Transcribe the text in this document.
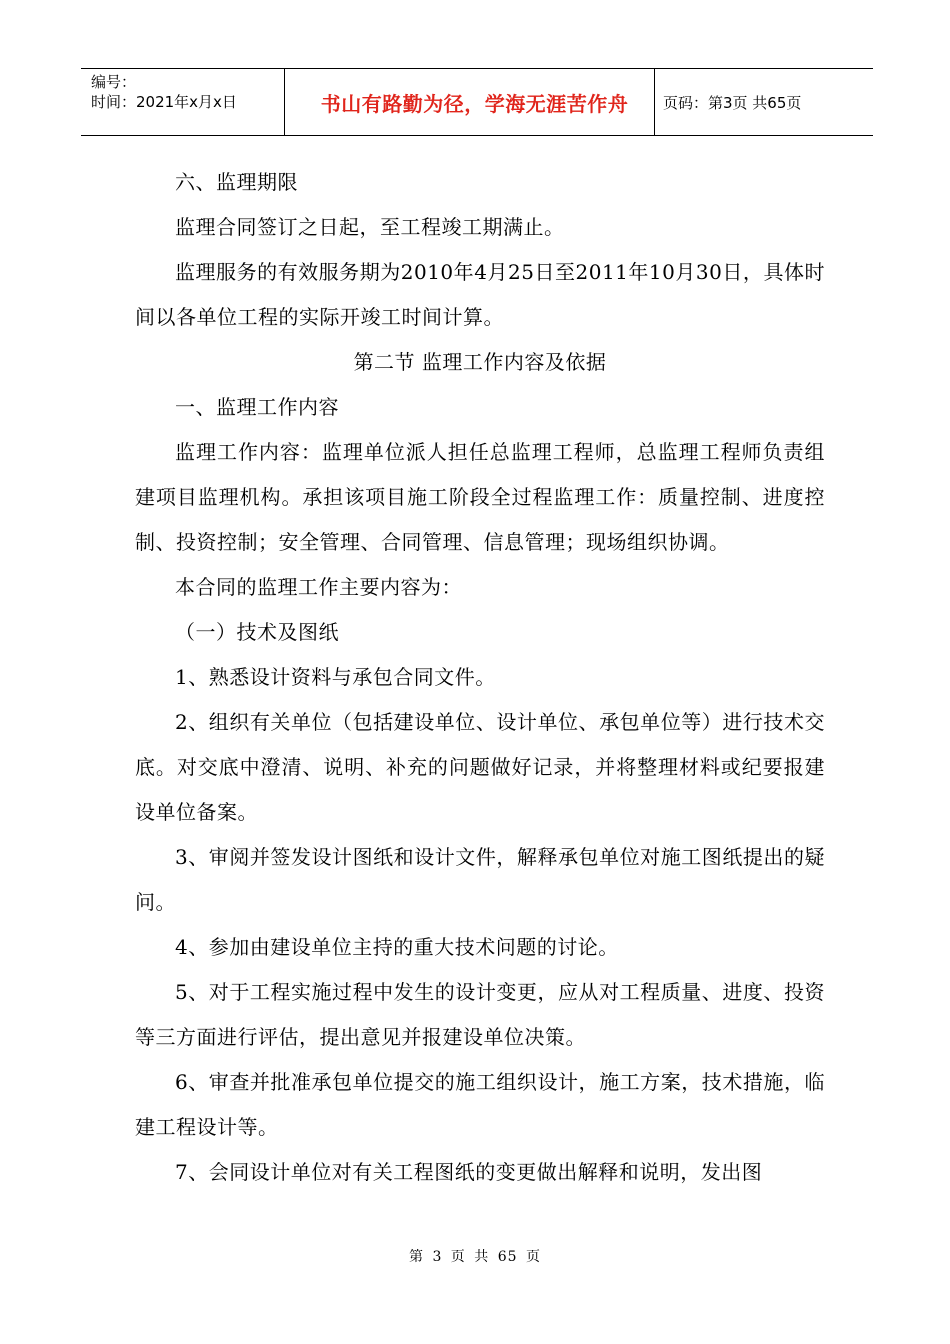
编号：
时间：2021年x月x日	书山有路勤为径，学海无涯苦作舟 页码：第3页 共65页

六、监理期限

监理合同签订之日起，至工程竣工期满止。

监理服务的有效服务期为2010年4月25日至2011年10月30日，具体时间以各单位工程的实际开竣工时间计算。

第二节 监理工作内容及依据

一、监理工作内容

监理工作内容：监理单位派人担任总监理工程师，总监理工程师负责组建项目监理机构。承担该项目施工阶段全过程监理工作：质量控制、进度控制、投资控制；安全管理、合同管理、信息管理；现场组织协调。

本合同的监理工作主要内容为：

（一）技术及图纸

1、熟悉设计资料与承包合同文件。

2、组织有关单位（包括建设单位、设计单位、承包单位等）进行技术交底。对交底中澄清、说明、补充的问题做好记录，并将整理材料或纪要报建设单位备案。

3、审阅并签发设计图纸和设计文件，解释承包单位对施工图纸提出的疑问。

4、参加由建设单位主持的重大技术问题的讨论。

5、对于工程实施过程中发生的设计变更，应从对工程质量、进度、投资等三方面进行评估，提出意见并报建设单位决策。

6、审查并批准承包单位提交的施工组织设计，施工方案，技术措施，临建工程设计等。

7、会同设计单位对有关工程图纸的变更做出解释和说明，发出图

第 3 页 共 65 页
